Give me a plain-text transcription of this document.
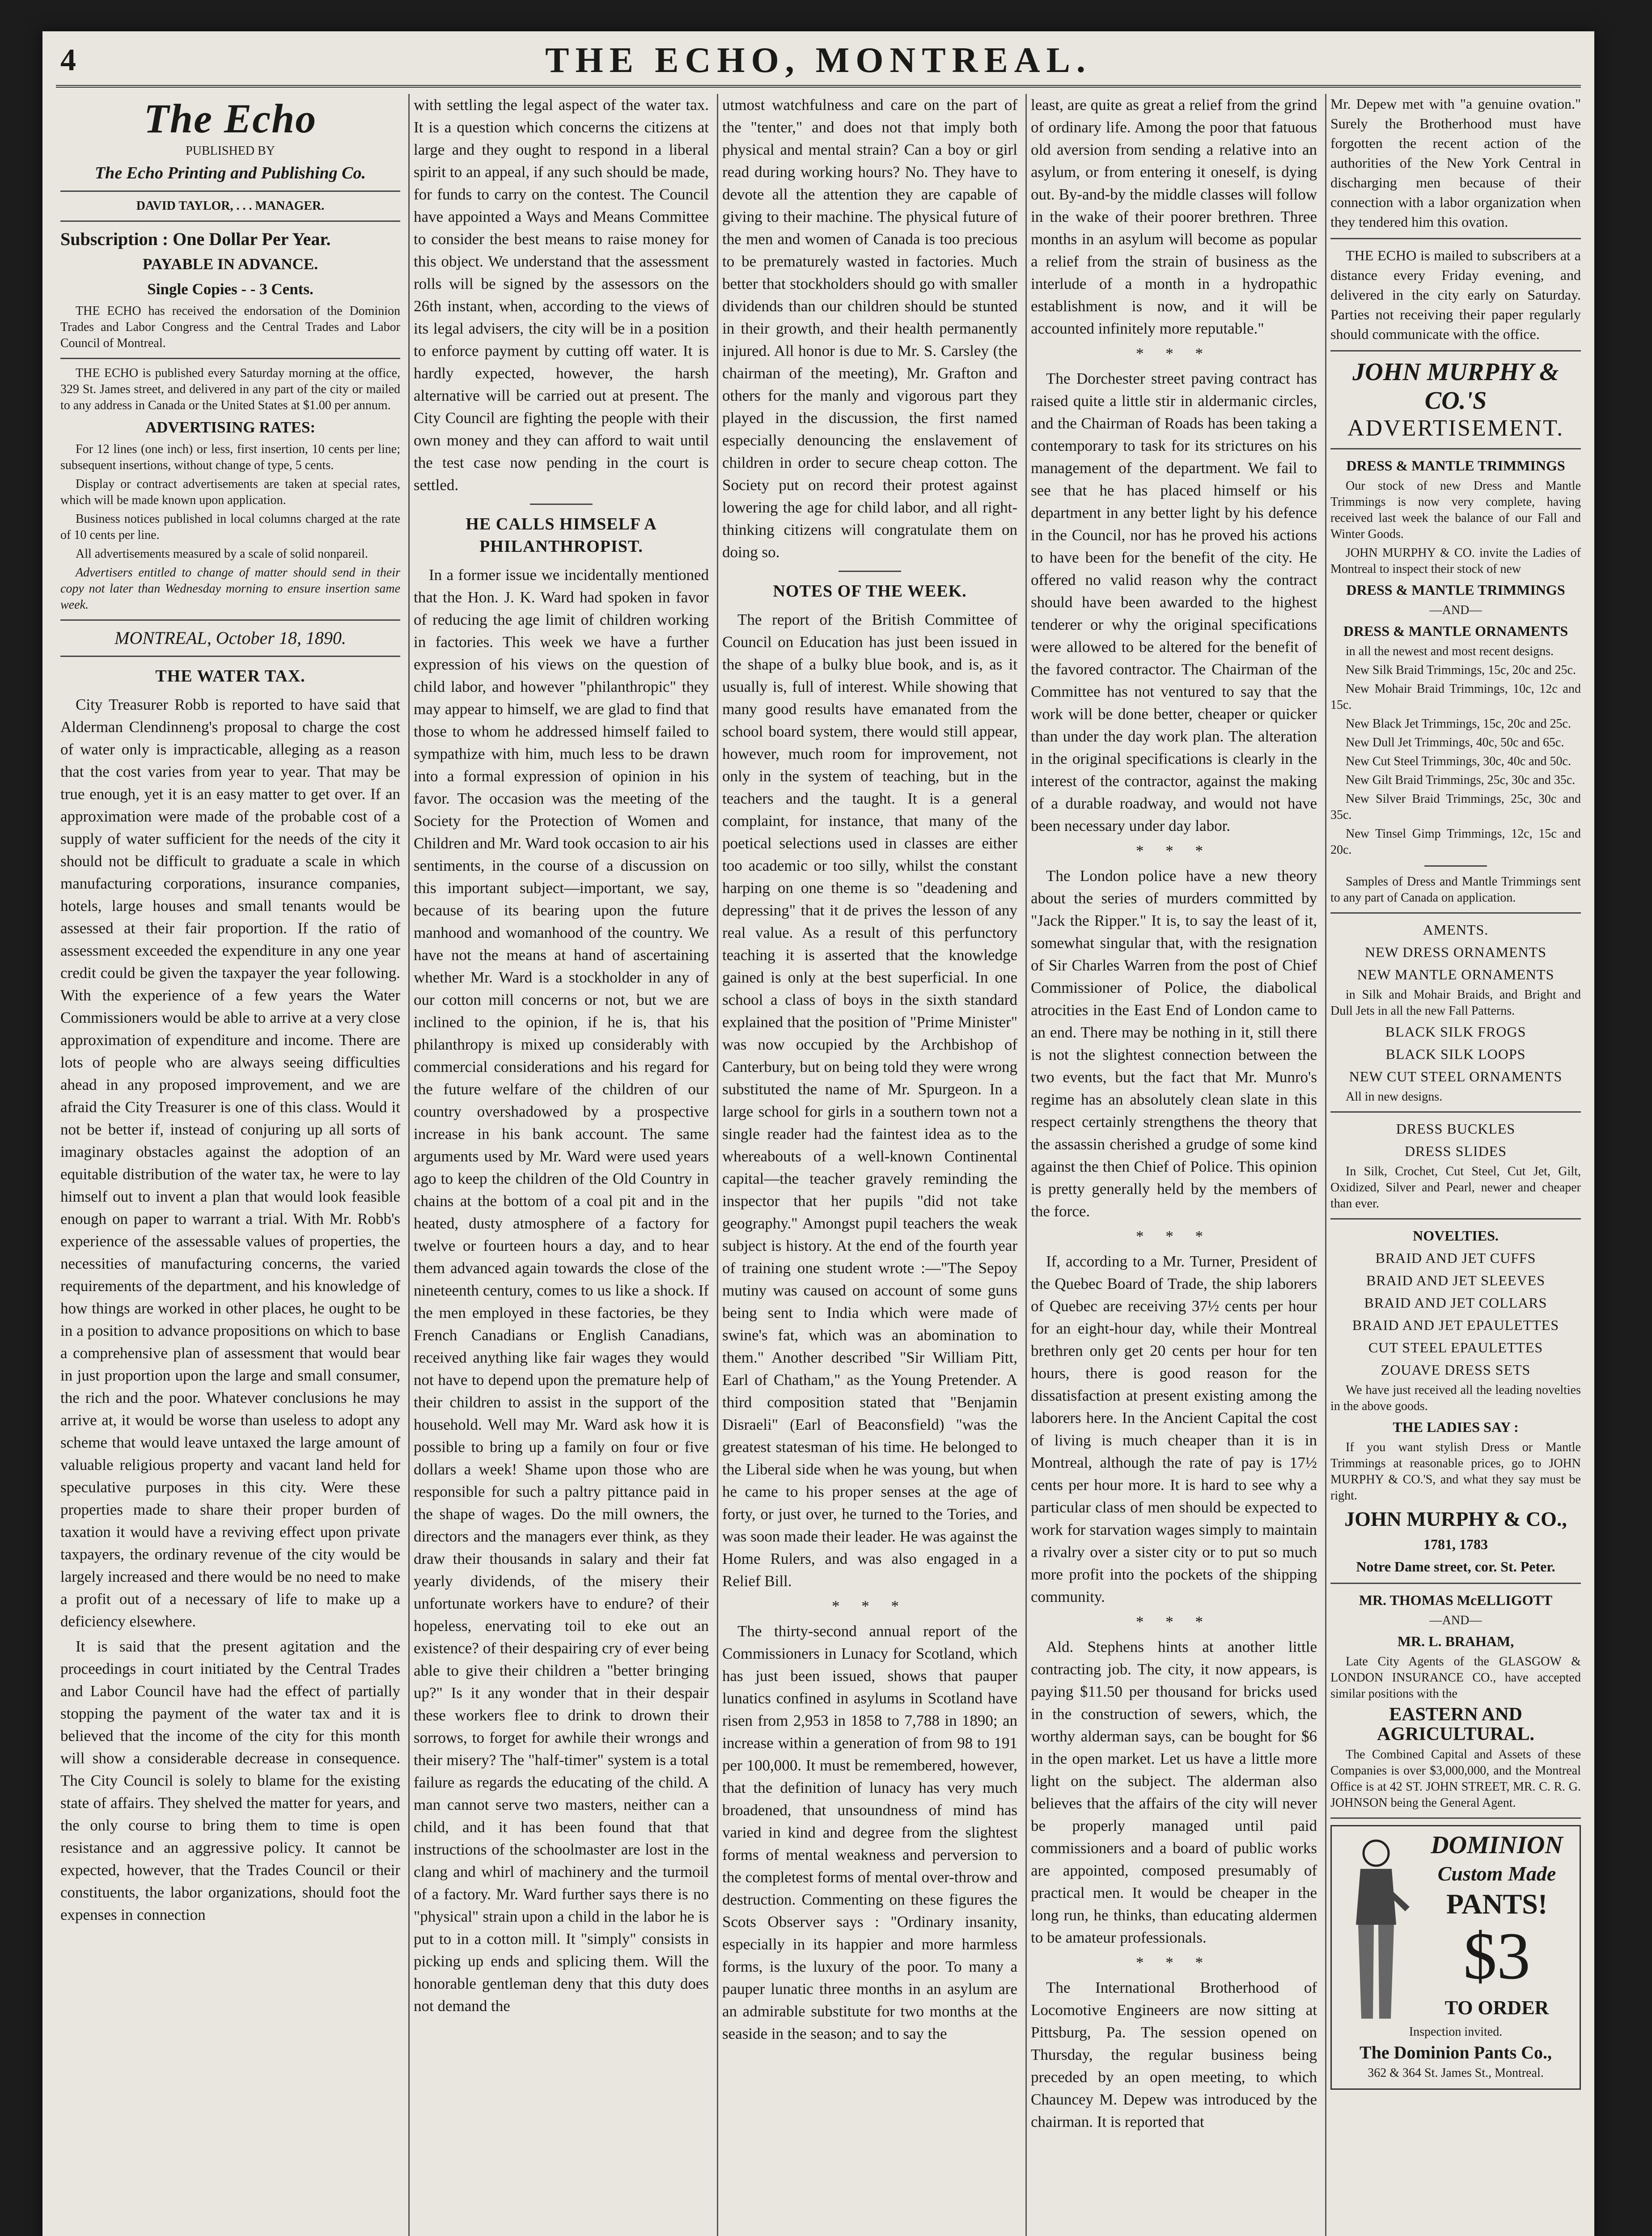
4	THE ECHO, MONTREAL.
The Echo

PUBLISHED BY

The Echo Printing and Publishing Co.

DAVID TAYLOR, . . . MANAGER.

Subscription : One Dollar Per Year.

PAYABLE IN ADVANCE.

Single Copies - - 3 Cents.

THE ECHO has received the endorsation of the Dominion Trades and Labor Congress and the Central Trades and Labor Council of Montreal.

THE ECHO is published every Saturday morning at the office, 329 St. James street, and delivered in any part of the city or mailed to any address in Canada or the United States at $1.00 per annum.

ADVERTISING RATES:

For 12 lines (one inch) or less, first insertion, 10 cents per line; subsequent insertions, without change of type, 5 cents.

Display or contract advertisements are taken at special rates, which will be made known upon application.

Business notices published in local columns charged at the rate of 10 cents per line.

All advertisements measured by a scale of solid nonpareil.

Advertisers entitled to change of matter should send in their copy not later than Wednesday morning to ensure insertion same week.

MONTREAL, October 18, 1890.

THE WATER TAX.

City Treasurer Robb is reported to have said that Alderman Clendinneng's proposal to charge the cost of water only is impracticable, alleging as a reason that the cost varies from year to year. That may be true enough, yet it is an easy matter to get over. If an approximation were made of the probable cost of a supply of water sufficient for the needs of the city it should not be difficult to graduate a scale in which manufacturing corporations, insurance companies, hotels, large houses and small tenants would be assessed at their fair proportion. If the ratio of assessment exceeded the expenditure in any one year credit could be given the taxpayer the year following. With the experience of a few years the Water Commissioners would be able to arrive at a very close approximation of expenditure and income. There are lots of people who are always seeing difficulties ahead in any proposed improvement, and we are afraid the City Treasurer is one of this class. Would it not be better if, instead of conjuring up all sorts of imaginary obstacles against the adoption of an equitable distribution of the water tax, he were to lay himself out to invent a plan that would look feasible enough on paper to warrant a trial. With Mr. Robb's experience of the assessable values of properties, the necessities of manufacturing concerns, the varied requirements of the department, and his knowledge of how things are worked in other places, he ought to be in a position to advance propositions on which to base a comprehensive plan of assessment that would bear in just proportion upon the large and small consumer, the rich and the poor. Whatever conclusions he may arrive at, it would be worse than useless to adopt any scheme that would leave untaxed the large amount of valuable religious property and vacant land held for speculative purposes in this city. Were these properties made to share their proper burden of taxation it would have a reviving effect upon private taxpayers, the ordinary revenue of the city would be largely increased and there would be no need to make a profit out of a necessary of life to make up a deficiency elsewhere.

It is said that the present agitation and the proceedings in court initiated by the Central Trades and Labor Council have had the effect of partially stopping the payment of the water tax and it is believed that the income of the city for this month will show a considerable decrease in consequence. The City Council is solely to blame for the existing state of affairs. They shelved the matter for years, and the only course to bring them to time is open resistance and an aggressive policy. It cannot be expected, however, that the Trades Council or their constituents, the labor organizations, should foot the expenses in connection

with settling the legal aspect of the water tax. It is a question which concerns the citizens at large and they ought to respond in a liberal spirit to an appeal, if any such should be made, for funds to carry on the contest. The Council have appointed a Ways and Means Committee to consider the best means to raise money for this object. We understand that the assessment rolls will be signed by the assessors on the 26th instant, when, according to the views of its legal advisers, the city will be in a position to enforce payment by cutting off water. It is hardly expected, however, the harsh alternative will be carried out at present. The City Council are fighting the people with their own money and they can afford to wait until the test case now pending in the court is settled.

HE CALLS HIMSELF A PHILANTHROPIST.

In a former issue we incidentally mentioned that the Hon. J. K. Ward had spoken in favor of reducing the age limit of children working in factories. This week we have a further expression of his views on the question of child labor, and however "philanthropic" they may appear to himself, we are glad to find that those to whom he addressed himself failed to sympathize with him, much less to be drawn into a formal expression of opinion in his favor. The occasion was the meeting of the Society for the Protection of Women and Children and Mr. Ward took occasion to air his sentiments, in the course of a discussion on this important subject—important, we say, because of its bearing upon the future manhood and womanhood of the country. We have not the means at hand of ascertaining whether Mr. Ward is a stockholder in any of our cotton mill concerns or not, but we are inclined to the opinion, if he is, that his philanthropy is mixed up considerably with commercial considerations and his regard for the future welfare of the children of our country overshadowed by a prospective increase in his bank account. The same arguments used by Mr. Ward were used years ago to keep the children of the Old Country in chains at the bottom of a coal pit and in the heated, dusty atmosphere of a factory for twelve or fourteen hours a day, and to hear them advanced again towards the close of the nineteenth century, comes to us like a shock. If the men employed in these factories, be they French Canadians or English Canadians, received anything like fair wages they would not have to depend upon the premature help of their children to assist in the support of the household. Well may Mr. Ward ask how it is possible to bring up a family on four or five dollars a week! Shame upon those who are responsible for such a paltry pittance paid in the shape of wages. Do the mill owners, the directors and the managers ever think, as they draw their thousands in salary and their fat yearly dividends, of the misery their unfortunate workers have to endure? of their hopeless, enervating toil to eke out an existence? of their despairing cry of ever being able to give their children a "better bringing up?" Is it any wonder that in their despair these workers flee to drink to drown their sorrows, to forget for awhile their wrongs and their misery? The "half-timer" system is a total failure as regards the educating of the child. A man cannot serve two masters, neither can a child, and it has been found that that instructions of the schoolmaster are lost in the clang and whirl of machinery and the turmoil of a factory. Mr. Ward further says there is no "physical" strain upon a child in the labor he is put to in a cotton mill. It "simply" consists in picking up ends and splicing them. Will the honorable gentleman deny that this duty does not demand the

utmost watchfulness and care on the part of the "tenter," and does not that imply both physical and mental strain? Can a boy or girl read during working hours? No. They have to devote all the attention they are capable of giving to their machine. The physical future of the men and women of Canada is too precious to be prematurely wasted in factories. Much better that stockholders should go with smaller dividends than our children should be stunted in their growth, and their health permanently injured. All honor is due to Mr. S. Carsley (the chairman of the meeting), Mr. Grafton and others for the manly and vigorous part they played in the discussion, the first named especially denouncing the enslavement of children in order to secure cheap cotton. The Society put on record their protest against lowering the age for child labor, and all right-thinking citizens will congratulate them on doing so.

NOTES OF THE WEEK.

The report of the British Committee of Council on Education has just been issued in the shape of a bulky blue book, and is, as it usually is, full of interest. While showing that many good results have emanated from the school board system, there would still appear, however, much room for improvement, not only in the system of teaching, but in the teachers and the taught. It is a general complaint, for instance, that many of the poetical selections used in classes are either too academic or too silly, whilst the constant harping on one theme is so "deadening and depressing" that it de prives the lesson of any real value. As a result of this perfunctory teaching it is asserted that the knowledge gained is only at the best superficial. In one school a class of boys in the sixth standard explained that the position of "Prime Minister" was now occupied by the Archbishop of Canterbury, but on being told they were wrong substituted the name of Mr. Spurgeon. In a large school for girls in a southern town not a single reader had the faintest idea as to the whereabouts of a well-known Continental capital—the teacher gravely reminding the inspector that her pupils "did not take geography." Amongst pupil teachers the weak subject is history. At the end of the fourth year of training one student wrote :—"The Sepoy mutiny was caused on account of some guns being sent to India which were made of swine's fat, which was an abomination to them." Another described "Sir William Pitt, Earl of Chatham," as the Young Pretender. A third composition stated that "Benjamin Disraeli" (Earl of Beaconsfield) "was the greatest statesman of his time. He belonged to the Liberal side when he was young, but when he came to his proper senses at the age of forty, or just over, he turned to the Tories, and was soon made their leader. He was against the Home Rulers, and was also engaged in a Relief Bill.

* * *

The thirty-second annual report of the Commissioners in Lunacy for Scotland, which has just been issued, shows that pauper lunatics confined in asylums in Scotland have risen from 2,953 in 1858 to 7,788 in 1890; an increase within a generation of from 98 to 191 per 100,000. It must be remembered, however, that the definition of lunacy has very much broadened, that unsoundness of mind has varied in kind and degree from the slightest forms of mental weakness and perversion to the completest forms of mental over-throw and destruction. Commenting on these figures the Scots Observer says : "Ordinary insanity, especially in its happier and more harmless forms, is the luxury of the poor. To many a pauper lunatic three months in an asylum are an admirable substitute for two months at the seaside in the season; and to say the

least, are quite as great a relief from the grind of ordinary life. Among the poor that fatuous old aversion from sending a relative into an asylum, or from entering it oneself, is dying out. By-and-by the middle classes will follow in the wake of their poorer brethren. Three months in an asylum will become as popular a relief from the strain of business as the interlude of a month in a hydropathic establishment is now, and it will be accounted infinitely more reputable."

* * *

The Dorchester street paving contract has raised quite a little stir in aldermanic circles, and the Chairman of Roads has been taking a contemporary to task for its strictures on his management of the department. We fail to see that he has placed himself or his department in any better light by his defence in the Council, nor has he proved his actions to have been for the benefit of the city. He offered no valid reason why the contract should have been awarded to the highest tenderer or why the original specifications were allowed to be altered for the benefit of the favored contractor. The Chairman of the Committee has not ventured to say that the work will be done better, cheaper or quicker than under the day work plan. The alteration in the original specifications is clearly in the interest of the contractor, against the making of a durable roadway, and would not have been necessary under day labor.

* * *

The London police have a new theory about the series of murders committed by "Jack the Ripper." It is, to say the least of it, somewhat singular that, with the resignation of Sir Charles Warren from the post of Chief Commissioner of Police, the diabolical atrocities in the East End of London came to an end. There may be nothing in it, still there is not the slightest connection between the two events, but the fact that Mr. Munro's regime has an absolutely clean slate in this respect certainly strengthens the theory that the assassin cherished a grudge of some kind against the then Chief of Police. This opinion is pretty generally held by the members of the force.

* * *

If, according to a Mr. Turner, President of the Quebec Board of Trade, the ship laborers of Quebec are receiving 37½ cents per hour for an eight-hour day, while their Montreal brethren only get 20 cents per hour for ten hours, there is good reason for the dissatisfaction at present existing among the laborers here. In the Ancient Capital the cost of living is much cheaper than it is in Montreal, although the rate of pay is 17½ cents per hour more. It is hard to see why a particular class of men should be expected to work for starvation wages simply to maintain a rivalry over a sister city or to put so much more profit into the pockets of the shipping community.

* * *

Ald. Stephens hints at another little contracting job. The city, it now appears, is paying $11.50 per thousand for bricks used in the construction of sewers, which, the worthy alderman says, can be bought for $6 in the open market. Let us have a little more light on the subject. The alderman also believes that the affairs of the city will never be properly managed until paid commissioners and a board of public works are appointed, composed presumably of practical men. It would be cheaper in the long run, he thinks, than educating aldermen to be amateur professionals.

* * *

The International Brotherhood of Locomotive Engineers are now sitting at Pittsburg, Pa. The session opened on Thursday, the regular business being preceded by an open meeting, to which Chauncey M. Depew was introduced by the chairman. It is reported that

Mr. Depew met with "a genuine ovation." Surely the Brotherhood must have forgotten the recent action of the authorities of the New York Central in discharging men because of their connection with a labor organization when they tendered him this ovation.

THE ECHO is mailed to subscribers at a distance every Friday evening, and delivered in the city early on Saturday. Parties not receiving their paper regularly should communicate with the office.

JOHN MURPHY & CO.'S
ADVERTISEMENT.

DRESS & MANTLE TRIMMINGS

Our stock of new Dress and Mantle Trimmings is now very complete, having received last week the balance of our Fall and Winter Goods.

JOHN MURPHY & CO. invite the Ladies of Montreal to inspect their stock of new

DRESS & MANTLE TRIMMINGS

—AND—

DRESS & MANTLE ORNAMENTS

in all the newest and most recent designs.

New Silk Braid Trimmings, 15c, 20c and 25c.

New Mohair Braid Trimmings, 10c, 12c and 15c.

New Black Jet Trimmings, 15c, 20c and 25c.

New Dull Jet Trimmings, 40c, 50c and 65c.

New Cut Steel Trimmings, 30c, 40c and 50c.

New Gilt Braid Trimmings, 25c, 30c and 35c.

New Silver Braid Trimmings, 25c, 30c and 35c.

New Tinsel Gimp Trimmings, 12c, 15c and 20c.

Samples of Dress and Mantle Trimmings sent to any part of Canada on application.

AMENTS.

NEW DRESS ORNAMENTS

NEW MANTLE ORNAMENTS

in Silk and Mohair Braids, and Bright and Dull Jets in all the new Fall Patterns.

BLACK SILK FROGS

BLACK SILK LOOPS

NEW CUT STEEL ORNAMENTS

All in new designs.

DRESS BUCKLES

DRESS SLIDES

In Silk, Crochet, Cut Steel, Cut Jet, Gilt, Oxidized, Silver and Pearl, newer and cheaper than ever.

NOVELTIES.

BRAID AND JET CUFFS

BRAID AND JET SLEEVES

BRAID AND JET COLLARS

BRAID AND JET EPAULETTES

CUT STEEL EPAULETTES

ZOUAVE DRESS SETS

We have just received all the leading novelties in the above goods.

THE LADIES SAY :

If you want stylish Dress or Mantle Trimmings at reasonable prices, go to JOHN MURPHY & CO.'S, and what they say must be right.

JOHN MURPHY & CO.,

1781, 1783

Notre Dame street, cor. St. Peter.

MR. THOMAS McELLIGOTT

—AND—

MR. L. BRAHAM,

Late City Agents of the GLASGOW & LONDON INSURANCE CO., have accepted similar positions with the

EASTERN AND AGRICULTURAL.

The Combined Capital and Assets of these Companies is over $3,000,000, and the Montreal Office is at 42 ST. JOHN STREET, MR. C. R. G. JOHNSON being the General Agent.

DOMINION
Custom Made
PANTS!
$3
TO ORDER

Inspection invited.

The Dominion Pants Co.,

362 & 364 St. James St., Montreal.
